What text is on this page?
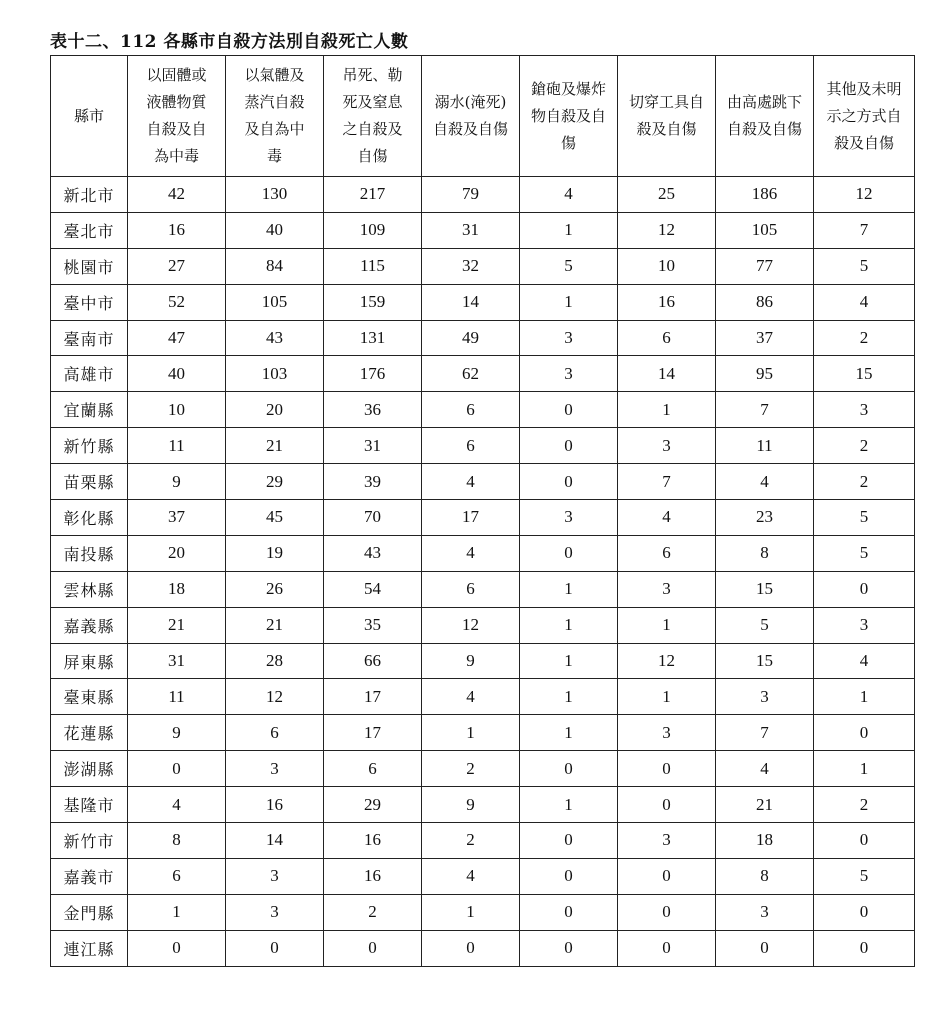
表十二、112 各縣市自殺方法別自殺死亡人數
縣市	以固體或液體物質自殺及自為中毒	以氣體及蒸汽自殺及自為中毒	吊死、勒死及窒息之自殺及自傷	溺水(淹死)自殺及自傷	鎗砲及爆炸物自殺及自傷	切穿工具自殺及自傷	由高處跳下自殺及自傷	其他及未明示之方式自殺及自傷

新北市	42	130	217	79	4	25	186	12
臺北市	16	40	109	31	1	12	105	7
桃園市	27	84	115	32	5	10	77	5
臺中市	52	105	159	14	1	16	86	4
臺南市	47	43	131	49	3	6	37	2
高雄市	40	103	176	62	3	14	95	15
宜蘭縣	10	20	36	6	0	1	7	3
新竹縣	11	21	31	6	0	3	11	2
苗栗縣	9	29	39	4	0	7	4	2
彰化縣	37	45	70	17	3	4	23	5
南投縣	20	19	43	4	0	6	8	5
雲林縣	18	26	54	6	1	3	15	0
嘉義縣	21	21	35	12	1	1	5	3
屏東縣	31	28	66	9	1	12	15	4
臺東縣	11	12	17	4	1	1	3	1
花蓮縣	9	6	17	1	1	3	7	0
澎湖縣	0	3	6	2	0	0	4	1
基隆市	4	16	29	9	1	0	21	2
新竹市	8	14	16	2	0	3	18	0
嘉義市	6	3	16	4	0	0	8	5
金門縣	1	3	2	1	0	0	3	0
連江縣	0	0	0	0	0	0	0	0
